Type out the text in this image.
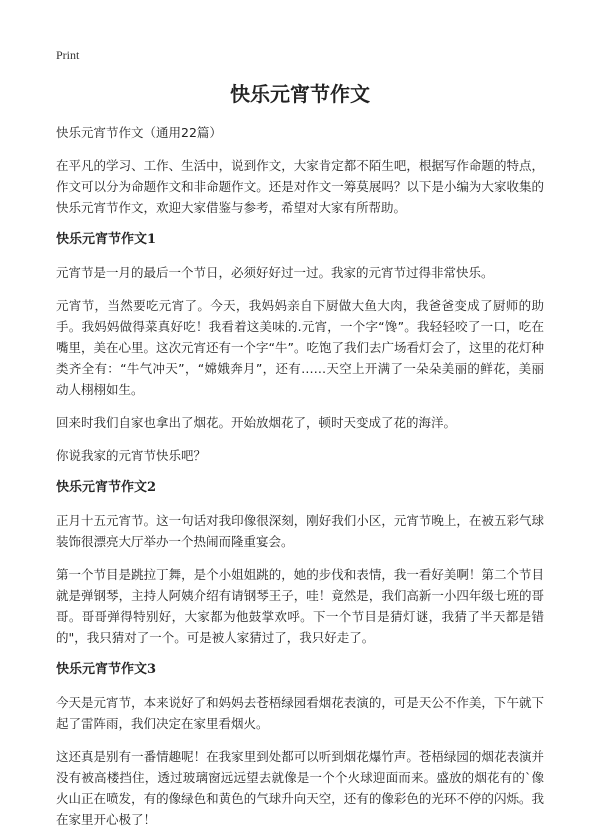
Print
快乐元宵节作文

快乐元宵节作文（通用22篇）

在平凡的学习、工作、生活中，说到作文，大家肯定都不陌生吧，根据写作命题的特点，作文可以分为命题作文和非命题作文。还是对作文一筹莫展吗？以下是小编为大家收集的快乐元宵节作文，欢迎大家借鉴与参考，希望对大家有所帮助。

快乐元宵节作文1

元宵节是一月的最后一个节日，必须好好过一过。我家的元宵节过得非常快乐。

元宵节，当然要吃元宵了。今天，我妈妈亲自下厨做大鱼大肉，我爸爸变成了厨师的助手。我妈妈做得菜真好吃！我看着这美味的.元宵，一个字“馋”。我轻轻咬了一口，吃在嘴里，美在心里。这次元宵还有一个字“牛”。吃饱了我们去广场看灯会了，这里的花灯种类齐全有：“牛气冲天”，“嫦娥奔月”，还有……天空上开满了一朵朵美丽的鲜花，美丽动人栩栩如生。

回来时我们自家也拿出了烟花。开始放烟花了，顿时天变成了花的海洋。

你说我家的元宵节快乐吧？

快乐元宵节作文2

正月十五元宵节。这一句话对我印像很深刻，刚好我们小区，元宵节晚上，在被五彩气球装饰很漂亮大厅举办一个热闹而隆重宴会。

第一个节目是跳拉丁舞，是个小姐姐跳的，她的步伐和表情，我一看好美啊！第二个节目就是弹钢琴，主持人阿姨介绍有请钢琴王子，哇！竟然是，我们高新一小四年级七班的哥哥。哥哥弹得特别好，大家都为他鼓掌欢呼。下一个节目是猜灯谜，我猜了半天都是错的"，我只猜对了一个。可是被人家猜过了，我只好走了。

快乐元宵节作文3

今天是元宵节，本来说好了和妈妈去苍梧绿园看烟花表演的，可是天公不作美，下午就下起了雷阵雨，我们决定在家里看烟火。

这还真是别有一番情趣呢！在我家里到处都可以听到烟花爆竹声。苍梧绿园的烟花表演并没有被高楼挡住，透过玻璃窗远远望去就像是一个个火球迎面而来。盛放的烟花有的`像火山正在喷发，有的像绿色和黄色的气球升向天空，还有的像彩色的光环不停的闪烁。我在家里开心极了！
